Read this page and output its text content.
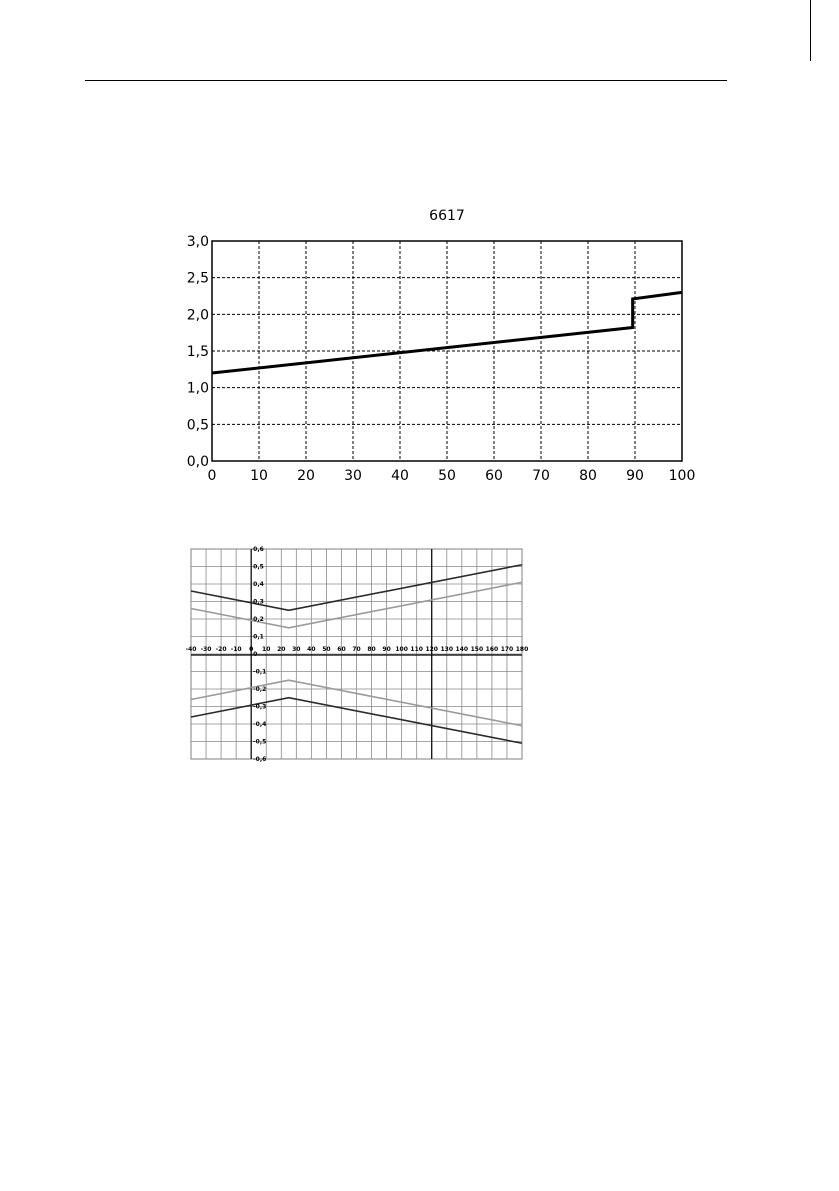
6617
0 10 20 30 40 50 60 70 80 90 100
0,0
0,5
1,0
1,5
2,0
2,5
3,0
-40 -30 -20 -10 0 10 20 30 40 50 60 70 80 90 100 110 120 130 140 150 160 170 180
0,6
0,5
0,4
0,3
0,2
0,1
0
-0,1
-0,2
-0,3
-0,4
-0,5
-0,6
